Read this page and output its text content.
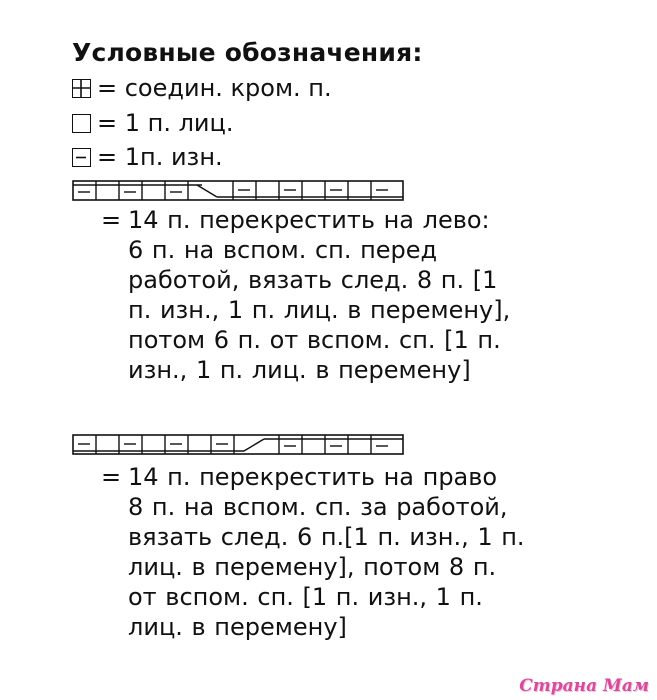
Условные обозначения:
= соедин. кром. п.
= 1 п. лиц.
= 1п. изн.
= 14 п. перекрестить на лево:
6 п. на вспом. сп. перед
работой, вязать след. 8 п. [1
п. изн., 1 п. лиц. в перемену],
потом 6 п. от вспом. сп. [1 п.
изн., 1 п. лиц. в перемену]
= 14 п. перекрестить на право
8 п. на вспом. сп. за работой,
вязать след. 6 п.[1 п. изн., 1 п.
лиц. в перемену], потом 8 п.
от вспом. сп. [1 п. изн., 1 п.
лиц. в перемену]
Страна Мам
